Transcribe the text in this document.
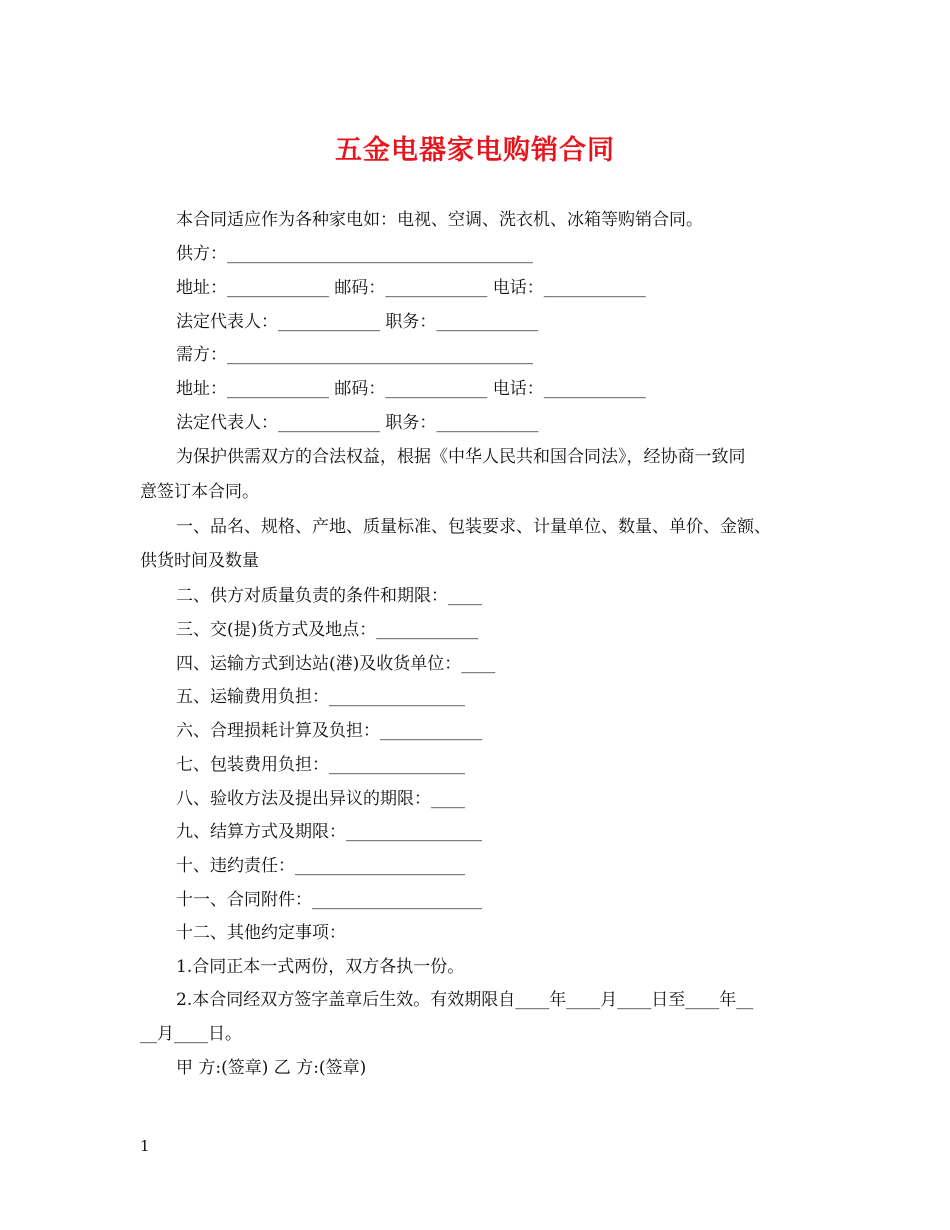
五金电器家电购销合同
本合同适应作为各种家电如：电视、空调、洗衣机、冰箱等购销合同。
供方：____________________________________
地址：____________ 邮码：____________ 电话：____________
法定代表人：____________ 职务：____________
需方：____________________________________
地址：____________ 邮码：____________ 电话：____________
法定代表人：____________ 职务：____________
为保护供需双方的合法权益，根据《中华人民共和国合同法》，经协商一致同
意签订本合同。
一、品名、规格、产地、质量标准、包装要求、计量单位、数量、单价、金额、
供货时间及数量
二、供方对质量负责的条件和期限：____
三、交(提)货方式及地点：____________
四、运输方式到达站(港)及收货单位：____
五、运输费用负担：________________
六、合理损耗计算及负担：____________
七、包装费用负担：________________
八、验收方法及提出异议的期限：____
九、结算方式及期限：________________
十、违约责任：____________________
十一、合同附件：____________________
十二、其他约定事项：
1.合同正本一式两份，双方各执一份。
2.本合同经双方签字盖章后生效。有效期限自____年____月____日至____年__
__月____日。
甲 方:(签章) 乙 方:(签章)
1
